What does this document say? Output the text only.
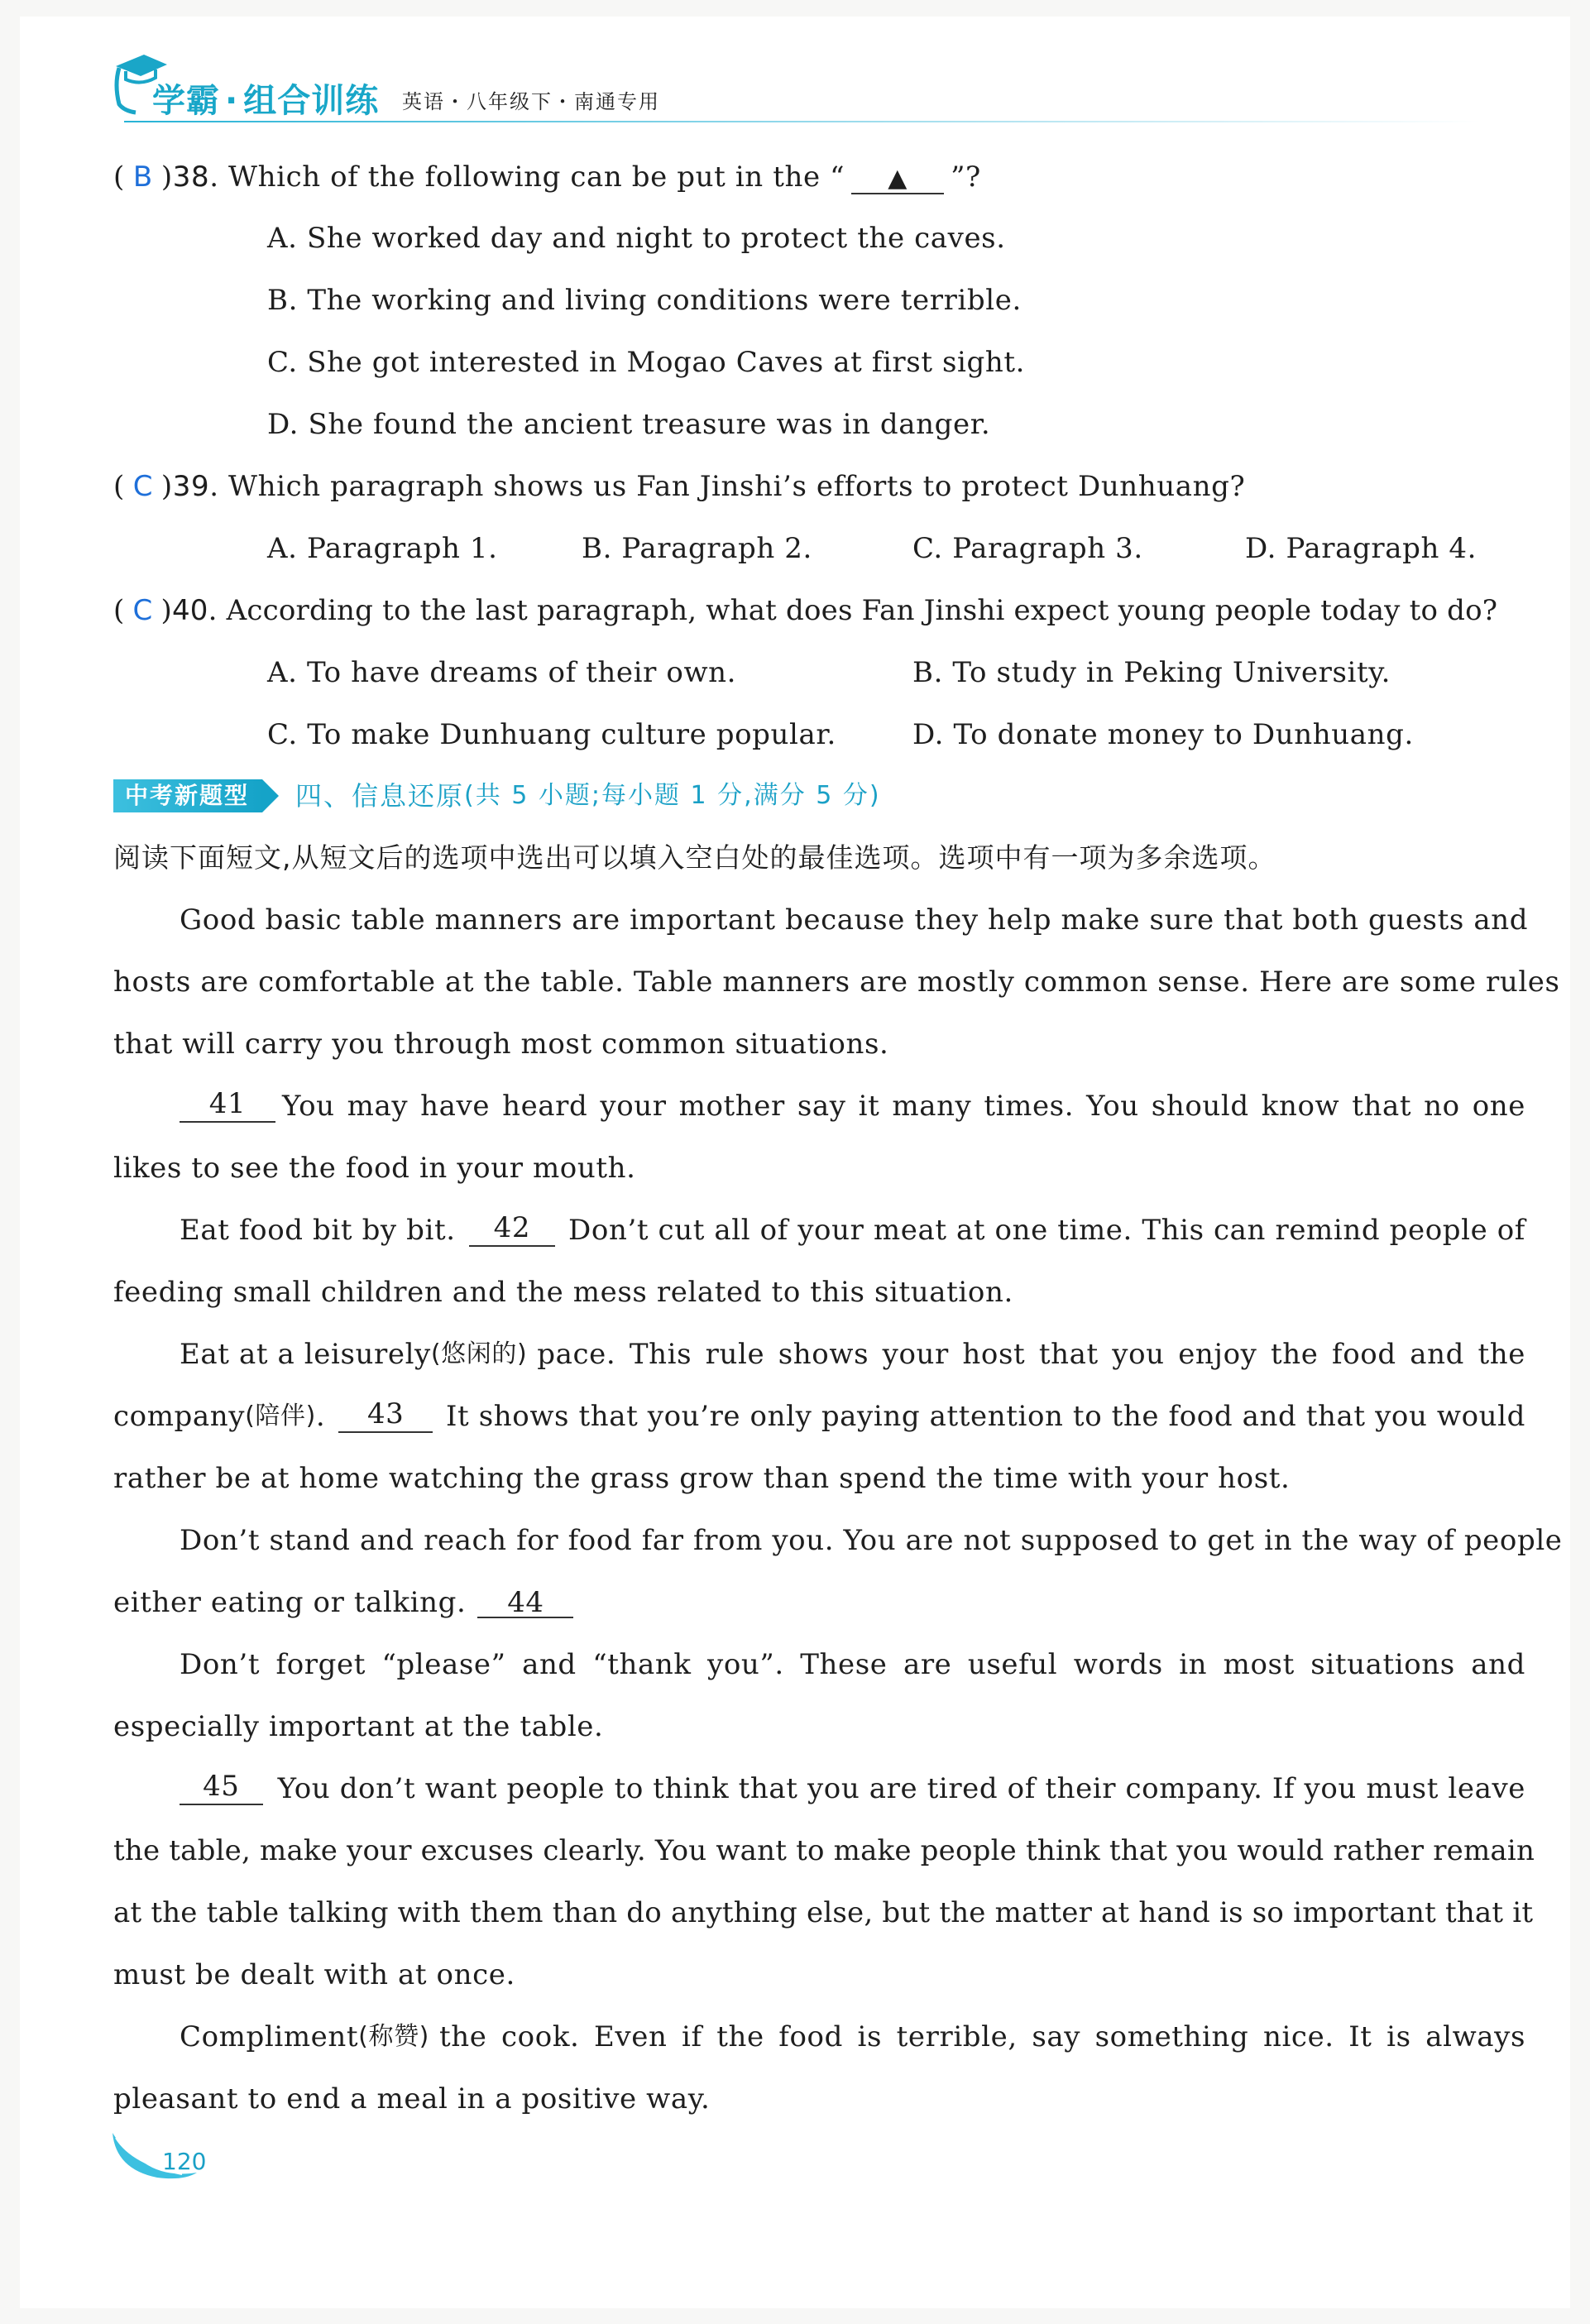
学霸 · 组合训练 英语・八年级下・南通专用
( B )38. Which of the following can be put in the “ ▲ ”?
A. She worked day and night to protect the caves.
B. The working and living conditions were terrible.
C. She got interested in Mogao Caves at first sight.
D. She found the ancient treasure was in danger.
( C )39. Which paragraph shows us Fan Jinshi’s efforts to protect Dunhuang?
A. Paragraph 1.	B. Paragraph 2.	C. Paragraph 3.	D. Paragraph 4.
( C )40. According to the last paragraph, what does Fan Jinshi expect young people today to do?
A. To have dreams of their own.	B. To study in Peking University.
C. To make Dunhuang culture popular.	D. To donate money to Dunhuang.
中考新题型	四、信息还原 (共 5 小题;每小题 1 分,满分 5 分)
阅读下面短文,从短文后的选项中选出可以填入空白处的最佳选项。选项中有一项为多余选项。
Good basic table manners are important because they help make sure that both guests and
hosts are comfortable at the table. Table manners are mostly common sense. Here are some rules
that will carry you through most common situations.
41	You may have heard your mother say it many times. You should know that no one
likes to see the food in your mouth.
Eat food bit by bit.	42	Don’t cut all of your meat at one time. This can remind people of
feeding small children and the mess related to this situation.
Eat at a leisurely (悠闲的) pace. This rule shows your host that you enjoy the food and the
company (陪伴) .	43	It shows that you’re only paying attention to the food and that you would
rather be at home watching the grass grow than spend the time with your host.
Don’t stand and reach for food far from you. You are not supposed to get in the way of people
either eating or talking. 44
Don’t forget “please” and “thank you”. These are useful words in most situations and
especially important at the table.
45	You don’t want people to think that you are tired of their company. If you must leave
the table, make your excuses clearly. You want to make people think that you would rather remain
at the table talking with them than do anything else, but the matter at hand is so important that it
must be dealt with at once.
Compliment (称赞) the cook. Even if the food is terrible, say something nice. It is always
pleasant to end a meal in a positive way.
120
